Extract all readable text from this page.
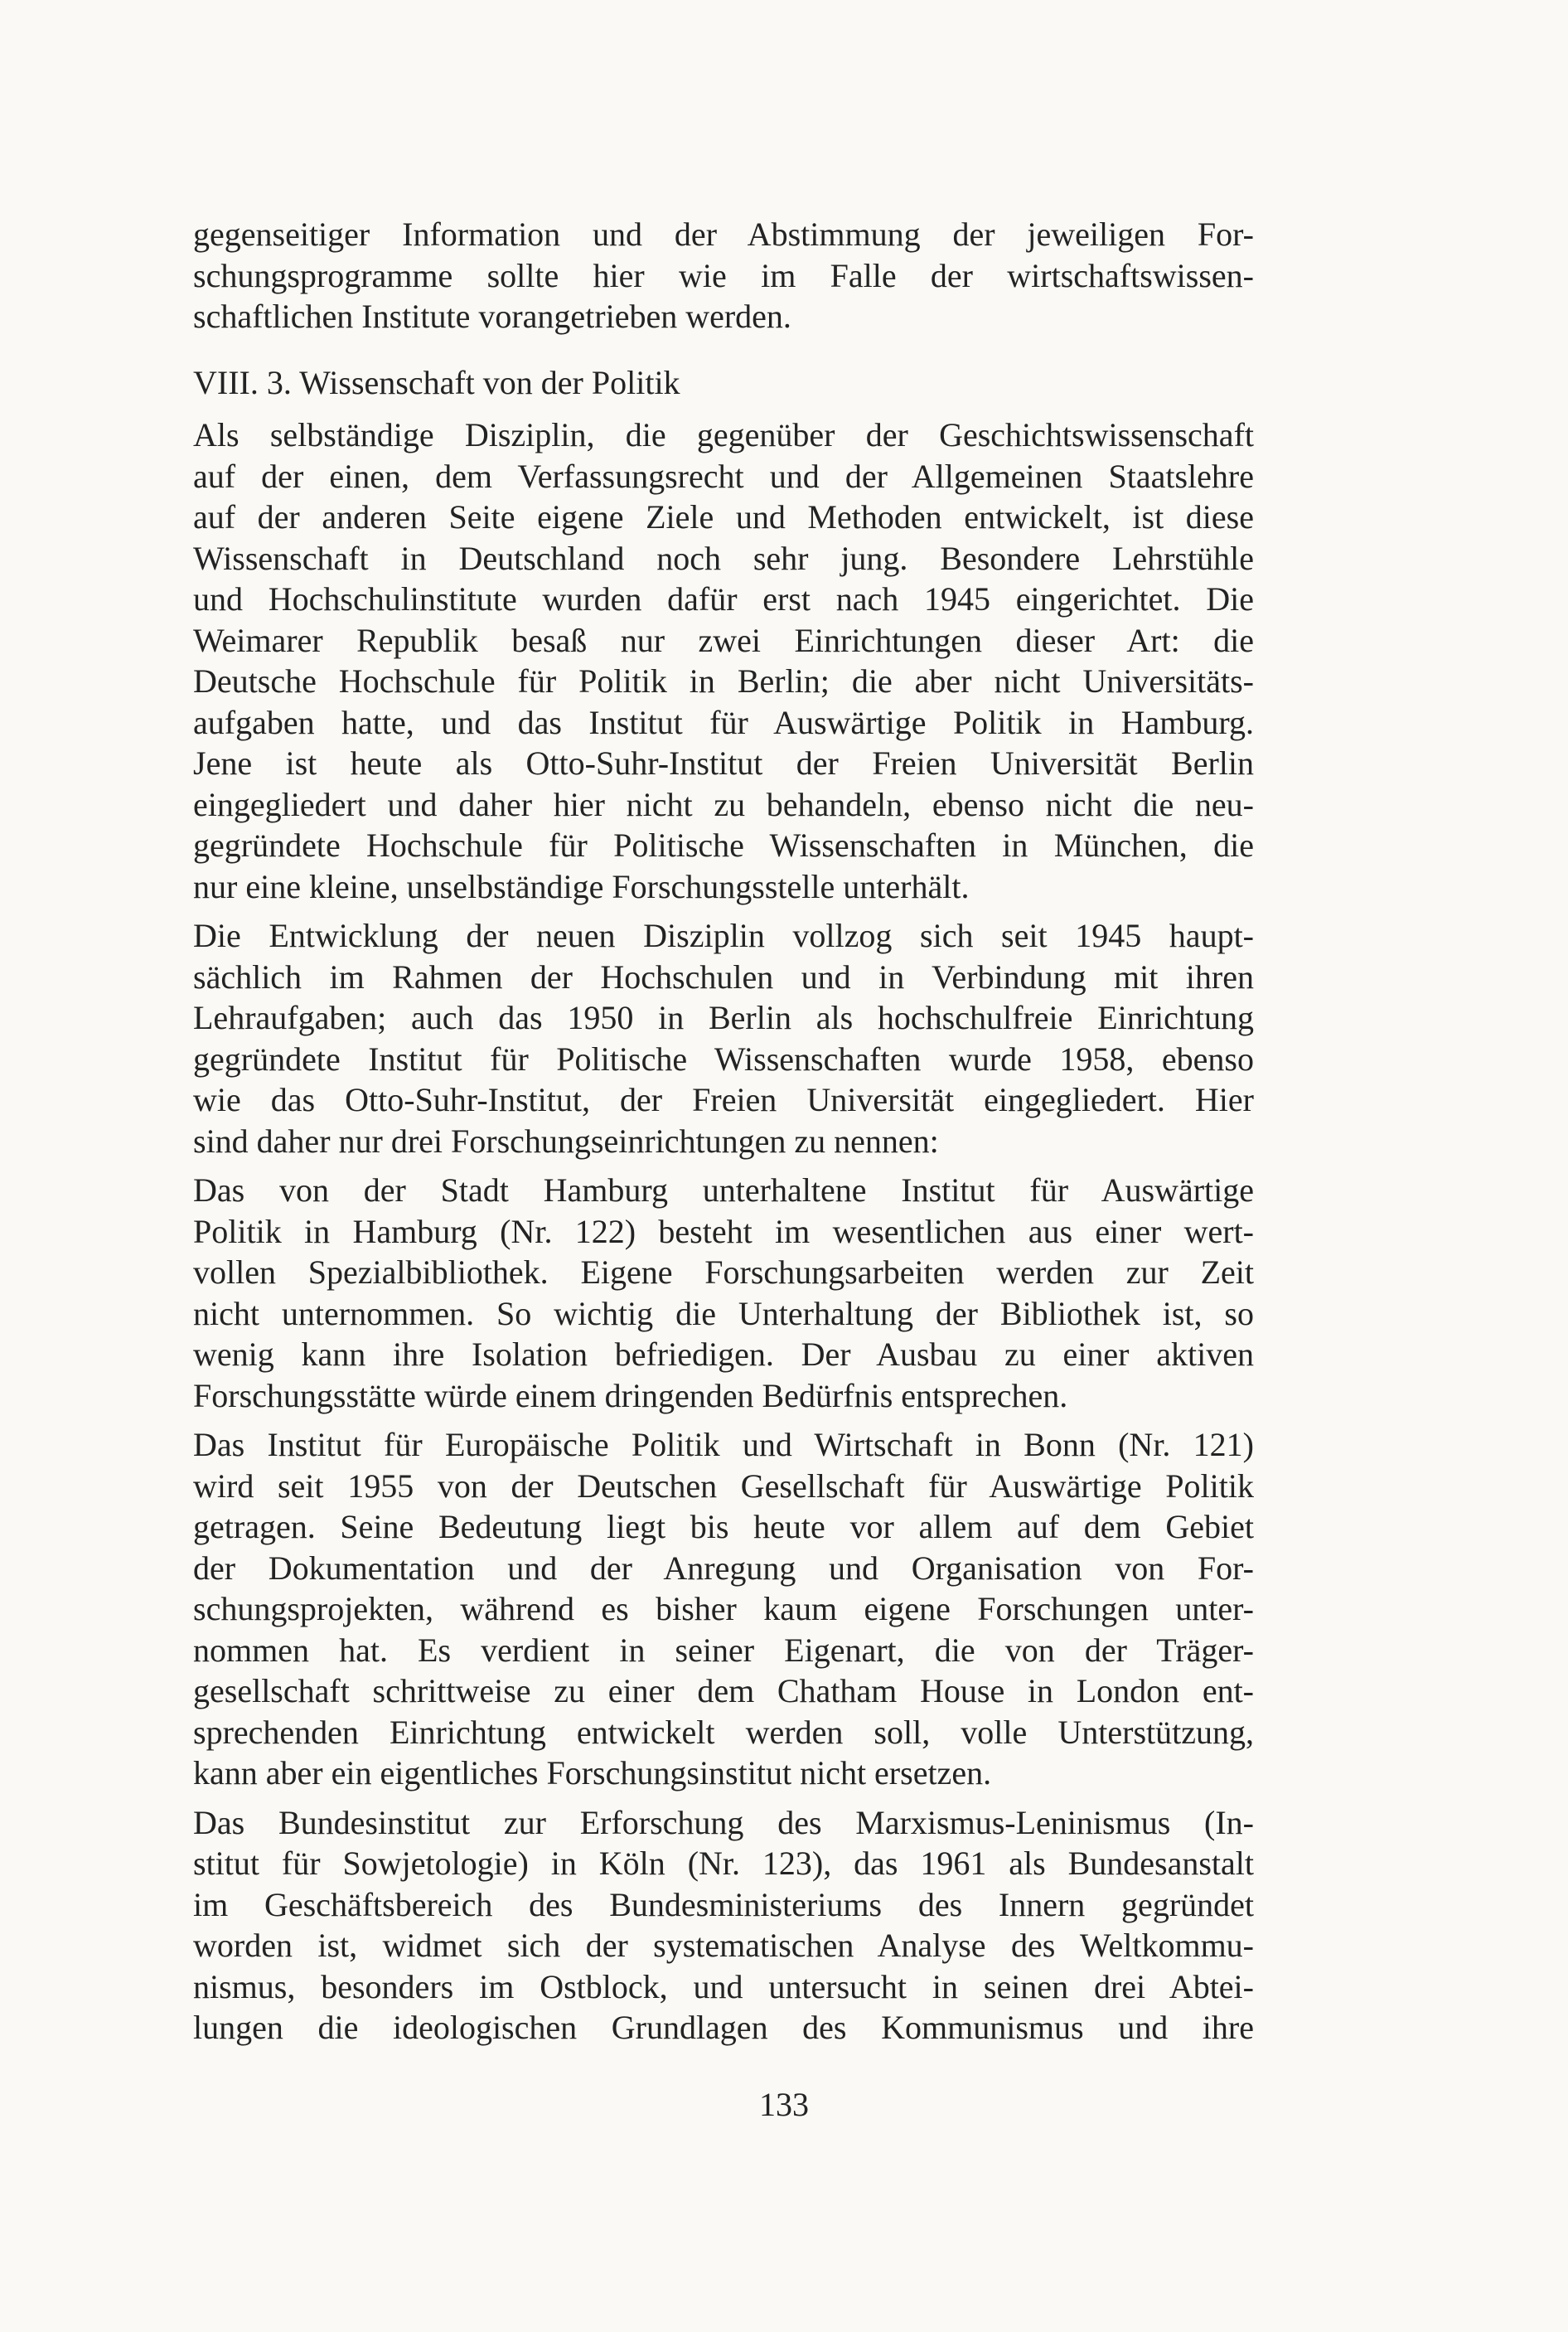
gegenseitiger Information und der Abstimmung der jeweiligen For-
schungsprogramme sollte hier wie im Falle der wirtschaftswissen-
schaftlichen Institute vorangetrieben werden.
VIII. 3. Wissenschaft von der Politik
Als selbständige Disziplin, die gegenüber der Geschichtswissenschaft
auf der einen, dem Verfassungsrecht und der Allgemeinen Staatslehre
auf der anderen Seite eigene Ziele und Methoden entwickelt, ist diese
Wissenschaft in Deutschland noch sehr jung. Besondere Lehrstühle
und Hochschulinstitute wurden dafür erst nach 1945 eingerichtet. Die
Weimarer Republik besaß nur zwei Einrichtungen dieser Art: die
Deutsche Hochschule für Politik in Berlin; die aber nicht Universitäts-
aufgaben hatte, und das Institut für Auswärtige Politik in Hamburg.
Jene ist heute als Otto-Suhr-Institut der Freien Universität Berlin
eingegliedert und daher hier nicht zu behandeln, ebenso nicht die neu-
gegründete Hochschule für Politische Wissenschaften in München, die
nur eine kleine, unselbständige Forschungsstelle unterhält.
Die Entwicklung der neuen Disziplin vollzog sich seit 1945 haupt-
sächlich im Rahmen der Hochschulen und in Verbindung mit ihren
Lehraufgaben; auch das 1950 in Berlin als hochschulfreie Einrichtung
gegründete Institut für Politische Wissenschaften wurde 1958, ebenso
wie das Otto-Suhr-Institut, der Freien Universität eingegliedert. Hier
sind daher nur drei Forschungseinrichtungen zu nennen:
Das von der Stadt Hamburg unterhaltene Institut für Auswärtige
Politik in Hamburg (Nr. 122) besteht im wesentlichen aus einer wert-
vollen Spezialbibliothek. Eigene Forschungsarbeiten werden zur Zeit
nicht unternommen. So wichtig die Unterhaltung der Bibliothek ist, so
wenig kann ihre Isolation befriedigen. Der Ausbau zu einer aktiven
Forschungsstätte würde einem dringenden Bedürfnis entsprechen.
Das Institut für Europäische Politik und Wirtschaft in Bonn (Nr. 121)
wird seit 1955 von der Deutschen Gesellschaft für Auswärtige Politik
getragen. Seine Bedeutung liegt bis heute vor allem auf dem Gebiet
der Dokumentation und der Anregung und Organisation von For-
schungsprojekten, während es bisher kaum eigene Forschungen unter-
nommen hat. Es verdient in seiner Eigenart, die von der Träger-
gesellschaft schrittweise zu einer dem Chatham House in London ent-
sprechenden Einrichtung entwickelt werden soll, volle Unterstützung,
kann aber ein eigentliches Forschungsinstitut nicht ersetzen.
Das Bundesinstitut zur Erforschung des Marxismus-Leninismus (In-
stitut für Sowjetologie) in Köln (Nr. 123), das 1961 als Bundesanstalt
im Geschäftsbereich des Bundesministeriums des Innern gegründet
worden ist, widmet sich der systematischen Analyse des Weltkommu-
nismus, besonders im Ostblock, und untersucht in seinen drei Abtei-
lungen die ideologischen Grundlagen des Kommunismus und ihre
133
